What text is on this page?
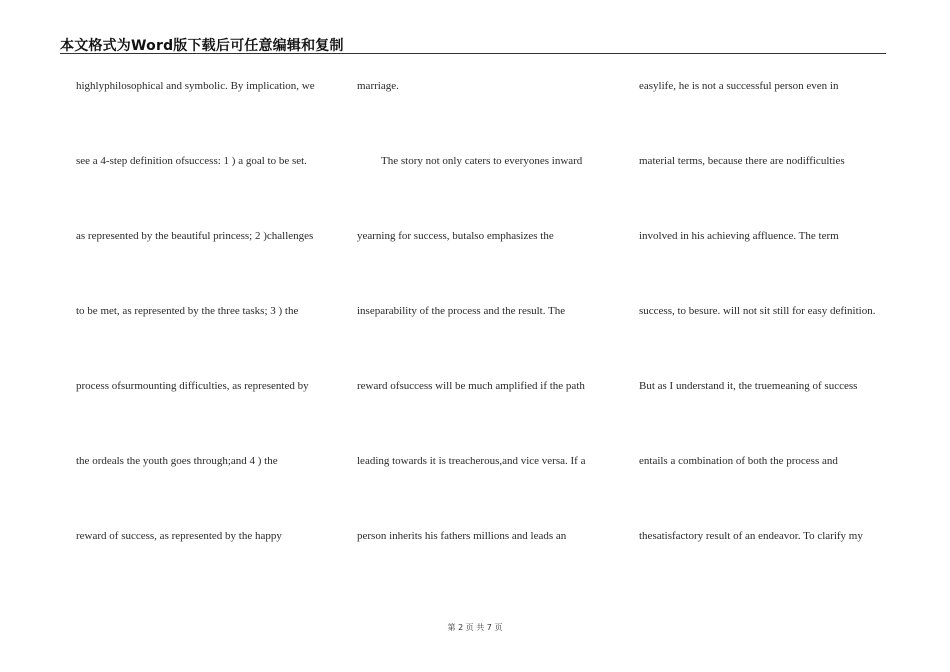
本文格式为Word版下载后可任意编辑和复制
highlyphilosophical and symbolic. By implication, we
see a 4-step definition ofsuccess: 1 ) a goal to be set.
as represented by the beautiful princess; 2 )challenges
to be met, as represented by the three tasks; 3 ) the
process ofsurmounting difficulties, as represented by
the ordeals the youth goes through;and 4 ) the
reward of success, as represented by the happy
marriage.
The story not only caters to everyones inward
yearning for success, butalso emphasizes the
inseparability of the process and the result. The
reward ofsuccess will be much amplified if the path
leading towards it is treacherous,and vice versa. If a
person inherits his fathers millions and leads an
easylife, he is not a successful person even in
material terms, because there are nodifficulties
involved in his achieving affluence. The term
success, to besure. will not sit still for easy definition.
But as I understand it, the truemeaning of success
entails a combination of both the process and
thesatisfactory result of an endeavor. To clarify my
第 2 页 共 7 页
